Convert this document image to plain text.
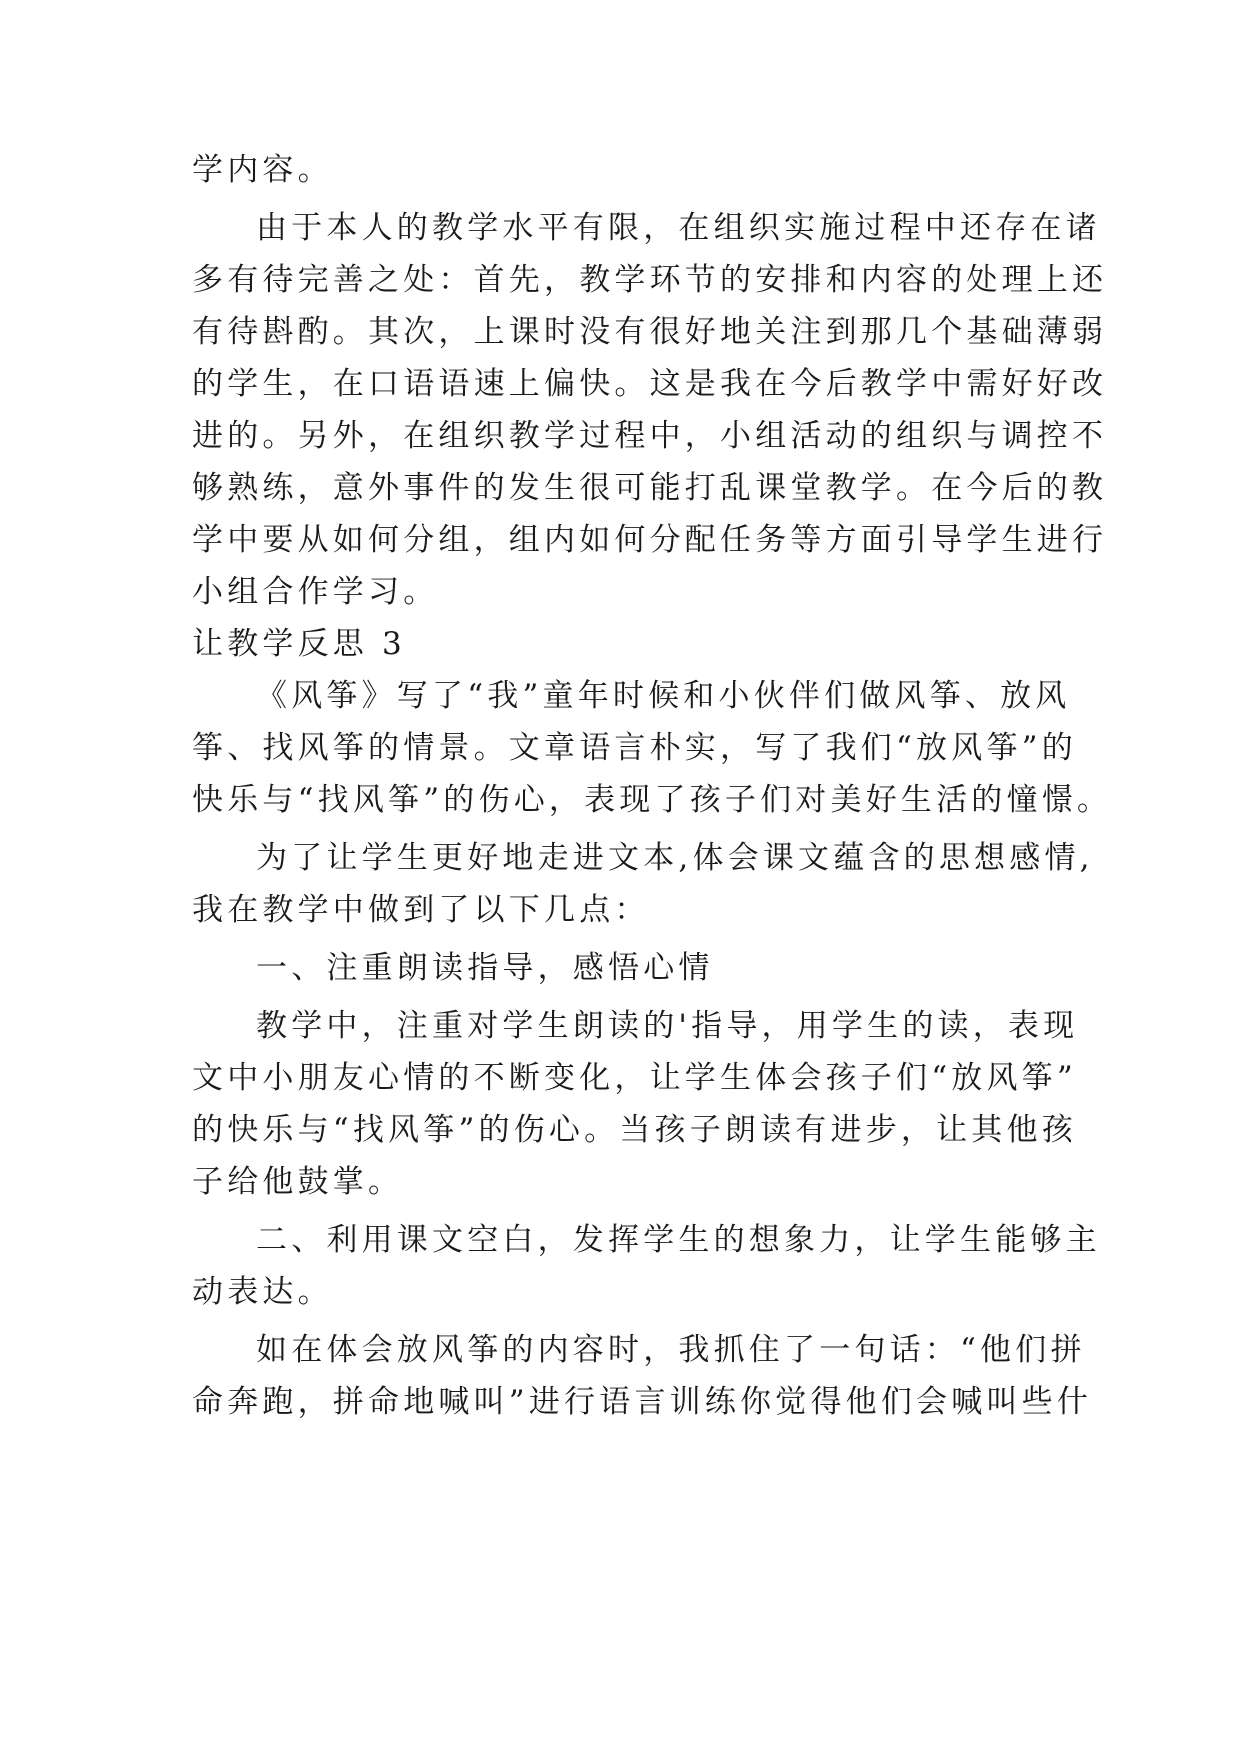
学内容。
由于本人的教学水平有限，在组织实施过程中还存在诸
多有待完善之处：首先，教学环节的安排和内容的处理上还
有待斟酌。其次，上课时没有很好地关注到那几个基础薄弱
的学生，在口语语速上偏快。这是我在今后教学中需好好改
进的。另外，在组织教学过程中，小组活动的组织与调控不
够熟练，意外事件的发生很可能打乱课堂教学。在今后的教
学中要从如何分组，组内如何分配任务等方面引导学生进行
小组合作学习。
让教学反思 3
《风筝》写了“我”童年时候和小伙伴们做风筝、放风
筝、找风筝的情景。文章语言朴实，写了我们“放风筝”的
快乐与“找风筝”的伤心，表现了孩子们对美好生活的憧憬。
为了让学生更好地走进文本,体会课文蕴含的思想感情,
我在教学中做到了以下几点：
一、注重朗读指导，感悟心情
教学中，注重对学生朗读的'指导，用学生的读，表现
文中小朋友心情的不断变化，让学生体会孩子们“放风筝”
的快乐与“找风筝”的伤心。当孩子朗读有进步，让其他孩
子给他鼓掌。
二、利用课文空白，发挥学生的想象力，让学生能够主
动表达。
如在体会放风筝的内容时，我抓住了一句话：“他们拼
命奔跑，拼命地喊叫”进行语言训练你觉得他们会喊叫些什
